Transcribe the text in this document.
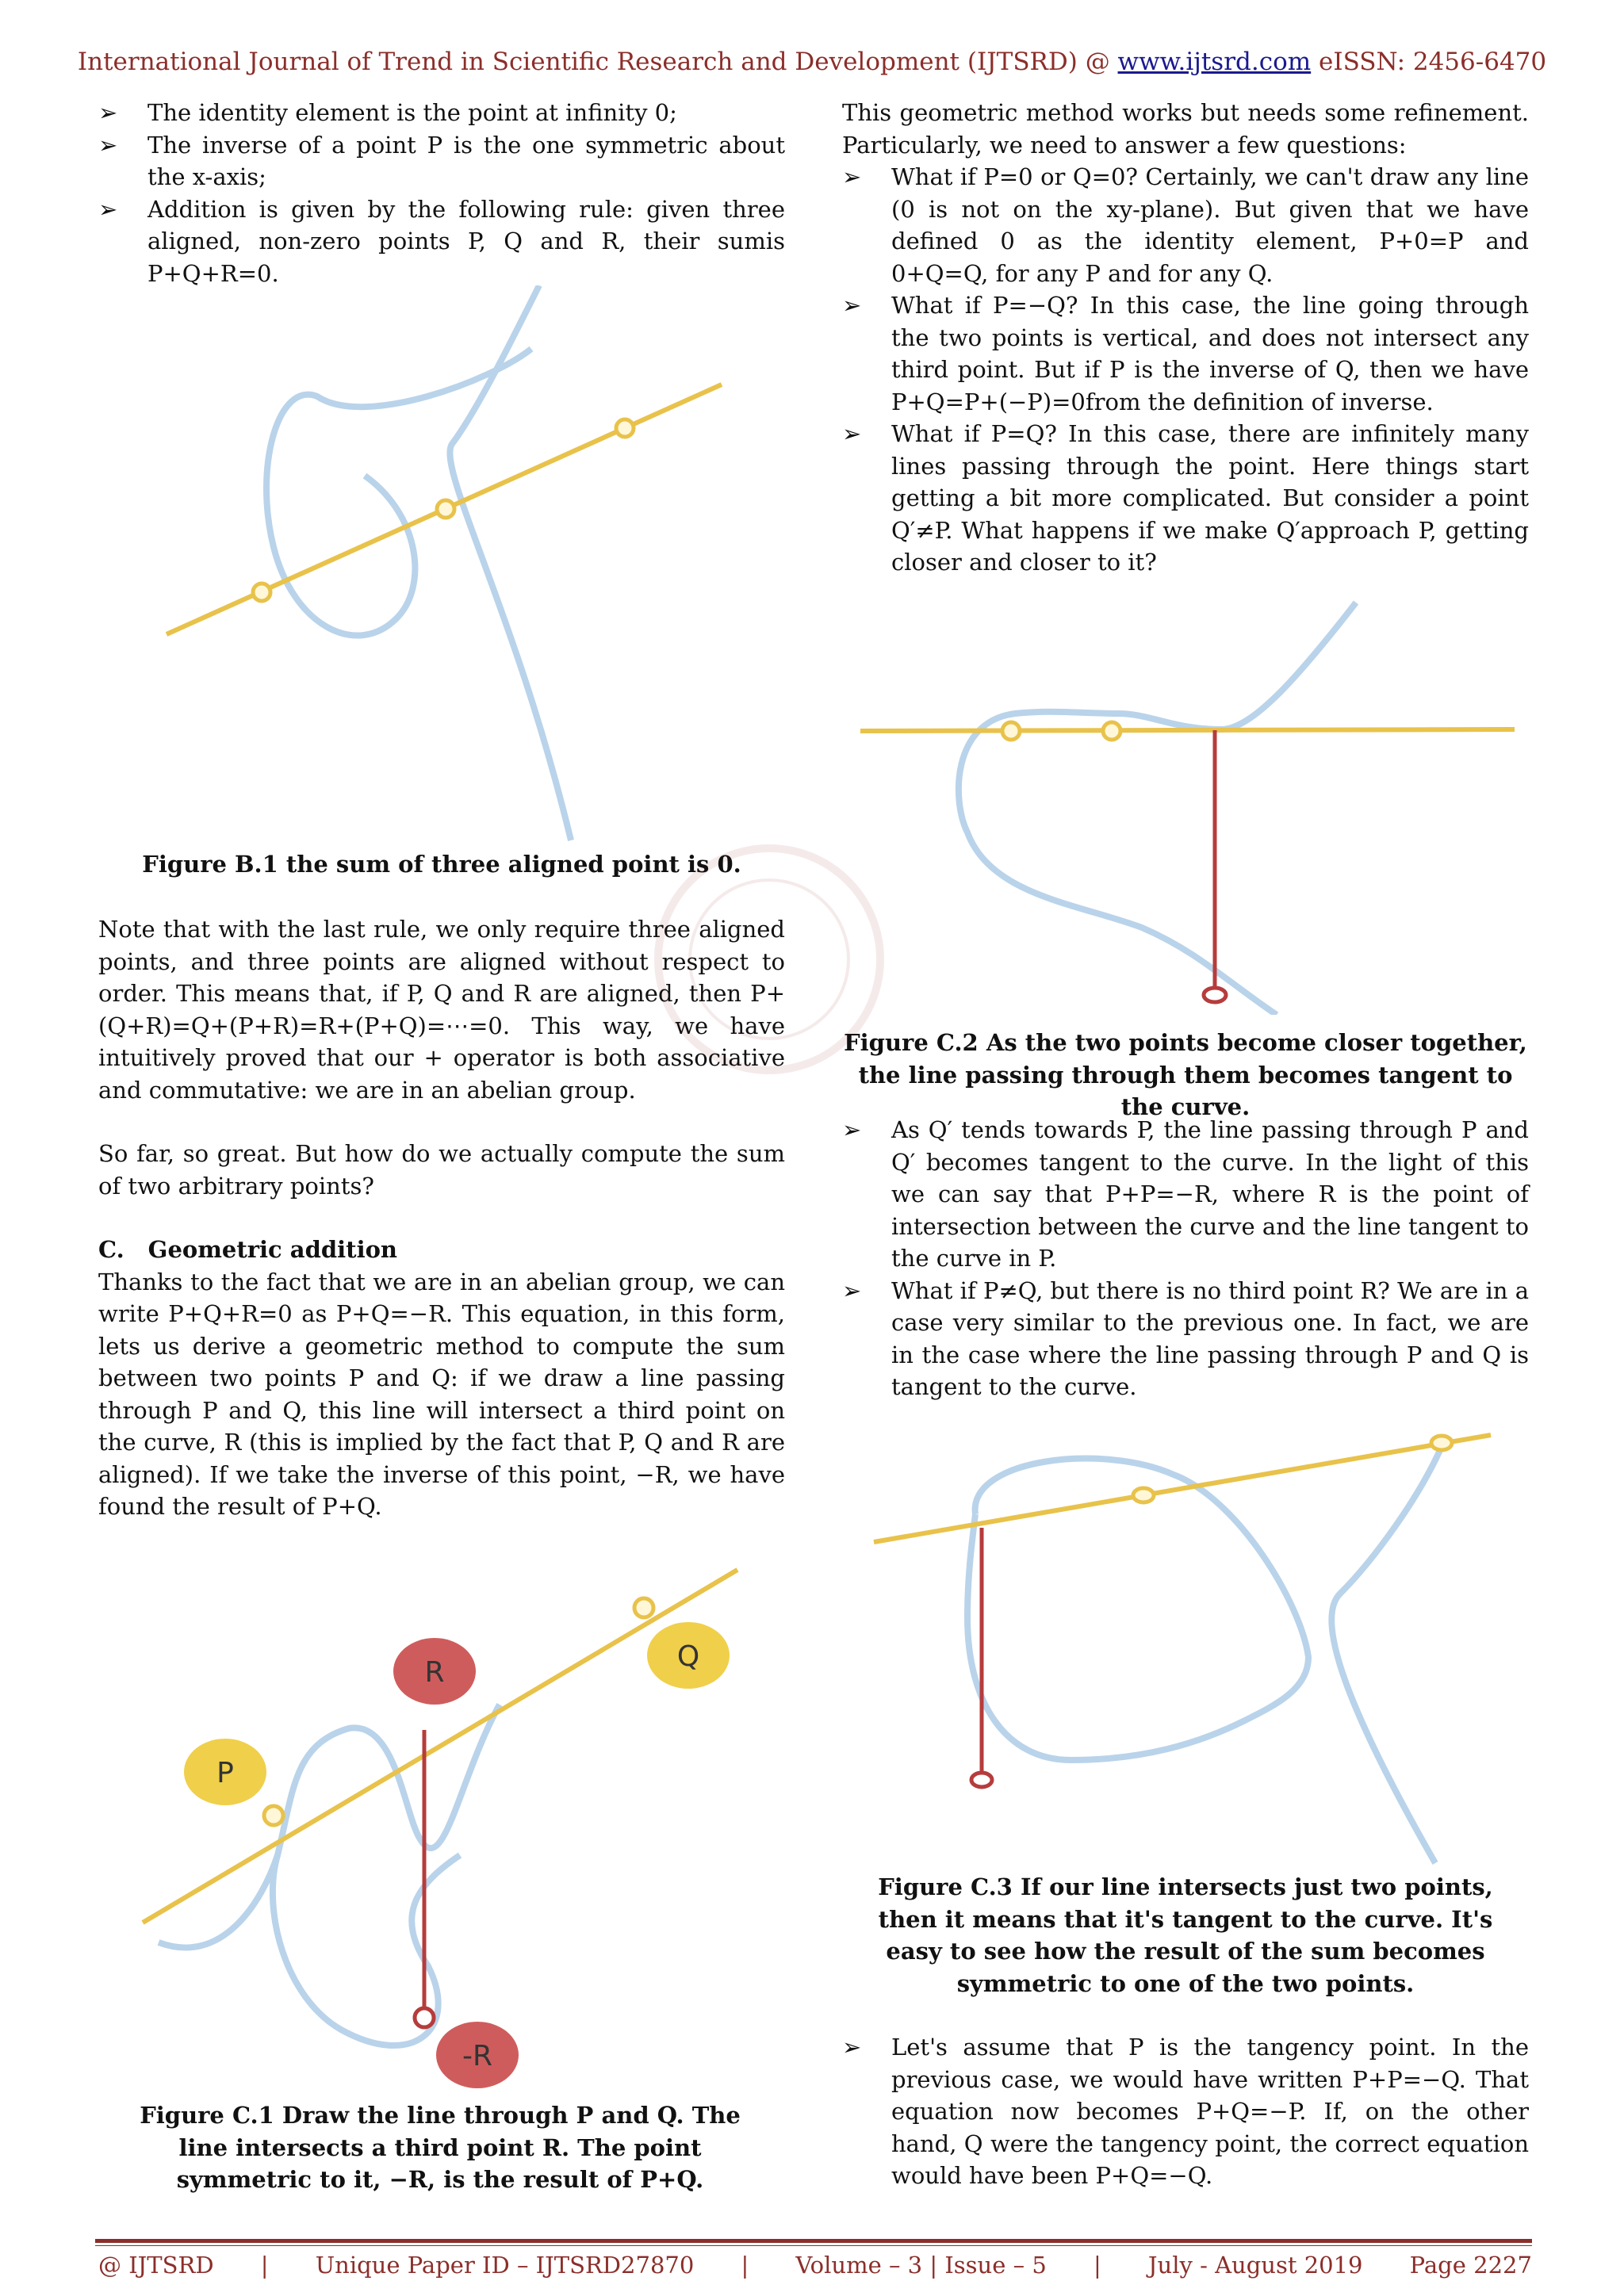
International Journal of Trend in Scientific Research and Development (IJTSRD) @ www.ijtsrd.com eISSN: 2456-6470
➢ The identity element is the point at infinity 0;
➢ The inverse of a point P is the one symmetric about the x-axis;
➢ Addition is given by the following rule: given three aligned, non-zero points P, Q and R, their sumis P+Q+R=0.
Figure B.1 the sum of three aligned point is 0.

Note that with the last rule, we only require three aligned points, and three points are aligned without respect to order. This means that, if P, Q and R are aligned, then P+(Q+R)=Q+(P+R)=R+(P+Q)=⋯=0. This way, we have intuitively proved that our + operator is both associative and commutative: we are in an abelian group.

So far, so great. But how do we actually compute the sum of two arbitrary points?

C. Geometric addition

Thanks to the fact that we are in an abelian group, we can write P+Q+R=0 as P+Q=−R. This equation, in this form, lets us derive a geometric method to compute the sum between two points P and Q: if we draw a line passing through P and Q, this line will intersect a third point on the curve, R (this is implied by the fact that P, Q and R are aligned). If we take the inverse of this point, −R, we have found the result of P+Q.

P
R	Q
-R
Figure C.1 Draw the line through P and Q. The line intersects a third point R. The point symmetric to it, −R, is the result of P+Q.

This geometric method works but needs some refinement. Particularly, we need to answer a few questions:

➢ What if P=0 or Q=0? Certainly, we can't draw any line (0 is not on the xy-plane). But given that we have defined 0 as the identity element, P+0=P and 0+Q=Q, for any P and for any Q.
➢ What if P=−Q? In this case, the line going through the two points is vertical, and does not intersect any third point. But if P is the inverse of Q, then we have P+Q=P+(−P)=0from the definition of inverse.
➢ What if P=Q? In this case, there are infinitely many lines passing through the point. Here things start getting a bit more complicated. But consider a point Q′≠P. What happens if we make Q′approach P, getting closer and closer to it?
Figure C.2 As the two points become closer together, the line passing through them becomes tangent to the curve.
➢ As Q′ tends towards P, the line passing through P and Q′ becomes tangent to the curve. In the light of this we can say that P+P=−R, where R is the point of intersection between the curve and the line tangent to the curve in P.
➢ What if P≠Q, but there is no third point R? We are in a case very similar to the previous one. In fact, we are in the case where the line passing through P and Q is tangent to the curve.
Figure C.3 If our line intersects just two points, then it means that it's tangent to the curve. It's easy to see how the result of the sum becomes symmetric to one of the two points.
➢ Let's assume that P is the tangency point. In the previous case, we would have written P+P=−Q. That equation now becomes P+Q=−P. If, on the other hand, Q were the tangency point, the correct equation would have been P+Q=−Q.
@ IJTSRD | Unique Paper ID – IJTSRD27870 | Volume – 3 | Issue – 5 | July - August 2019 Page 2227
